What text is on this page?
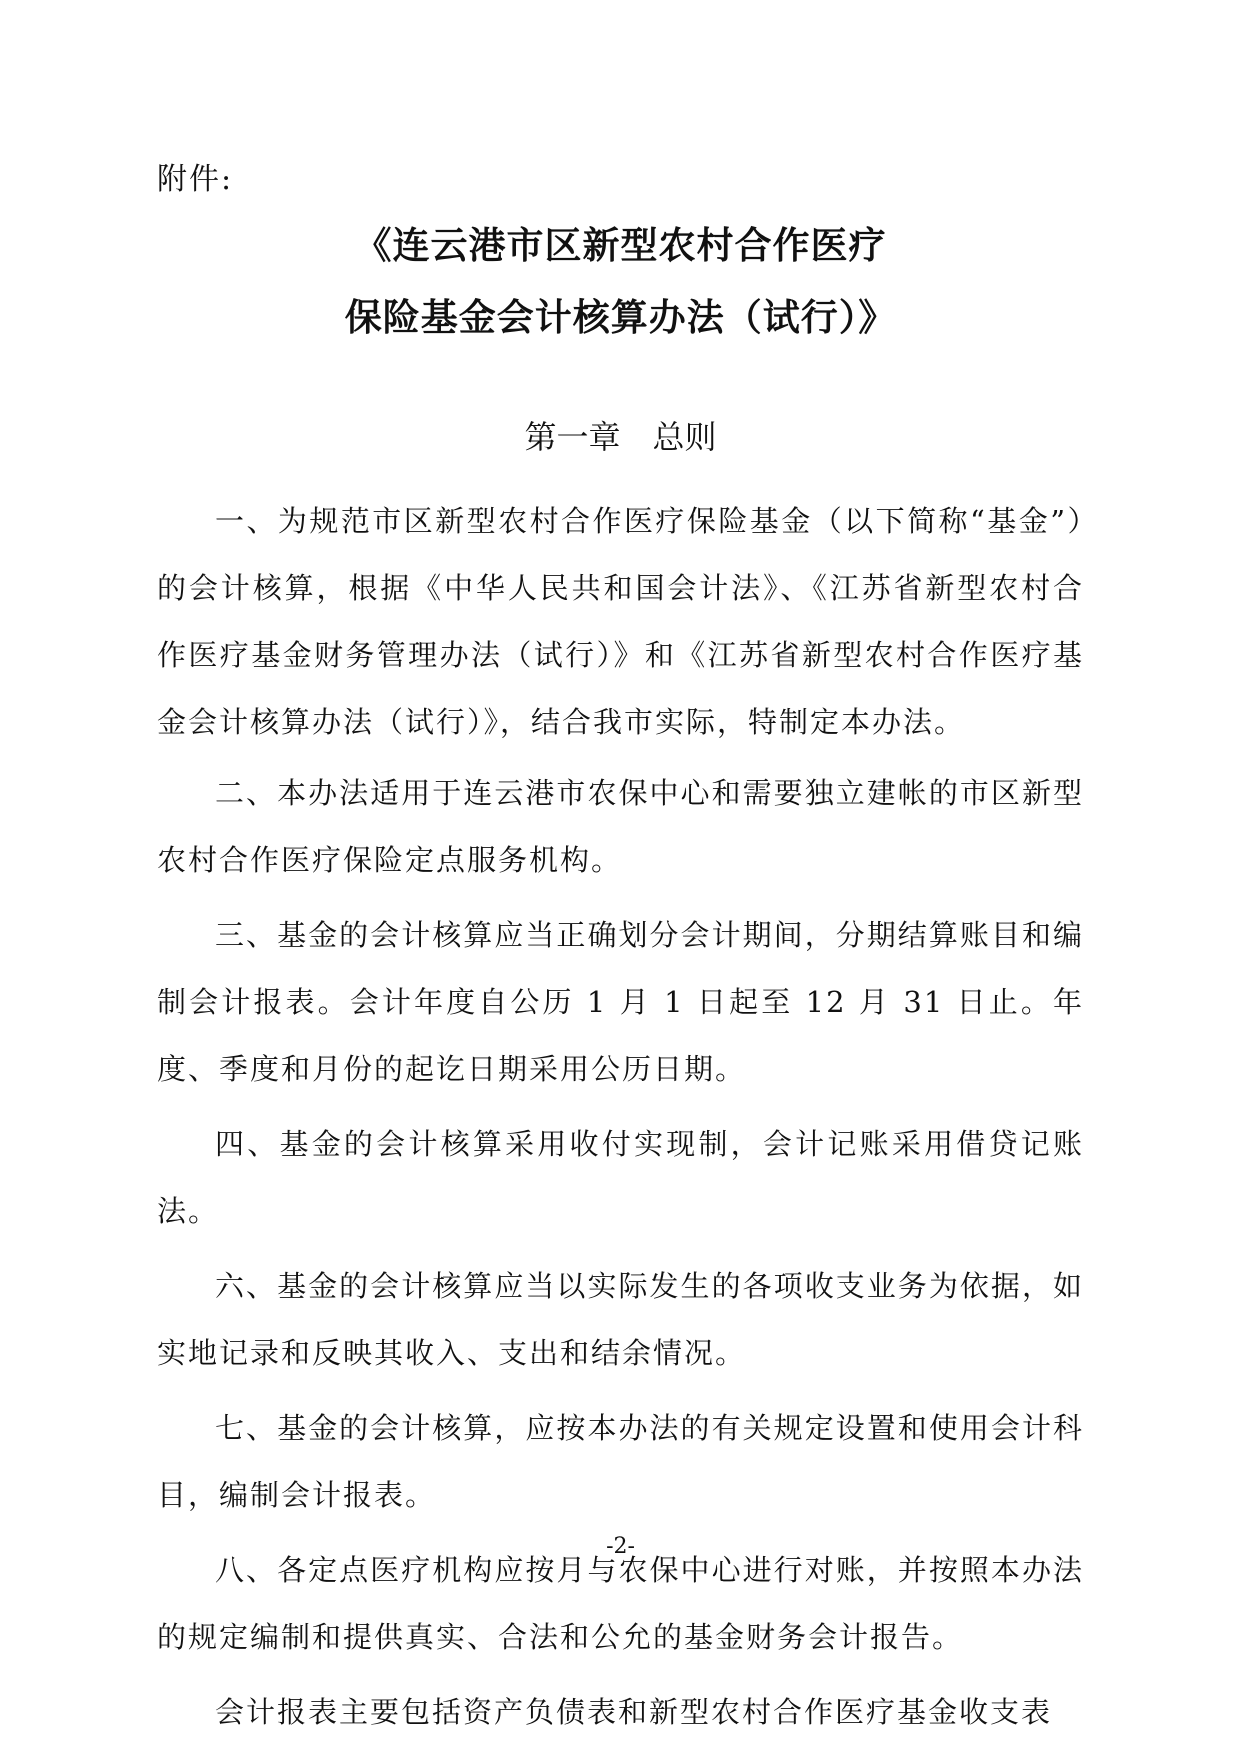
附件:
《连云港市区新型农村合作医疗
保险基金会计核算办法（试行）》
第一章　总则

一、为规范市区新型农村合作医疗保险基金（以下简称“基金”）的会计核算，根据《中华人民共和国会计法》、《江苏省新型农村合作医疗基金财务管理办法（试行）》和《江苏省新型农村合作医疗基金会计核算办法（试行）》，结合我市实际，特制定本办法。

二、本办法适用于连云港市农保中心和需要独立建帐的市区新型农村合作医疗保险定点服务机构。

三、基金的会计核算应当正确划分会计期间，分期结算账目和编制会计报表。会计年度自公历 1 月 1 日起至 12 月 31 日止。年度、季度和月份的起讫日期采用公历日期。

四、基金的会计核算采用收付实现制，会计记账采用借贷记账法。

六、基金的会计核算应当以实际发生的各项收支业务为依据，如实地记录和反映其收入、支出和结余情况。

七、基金的会计核算，应按本办法的有关规定设置和使用会计科目，编制会计报表。

八、各定点医疗机构应按月与农保中心进行对账，并按照本办法的规定编制和提供真实、合法和公允的基金财务会计报告。

会计报表主要包括资产负债表和新型农村合作医疗基金收支表

-2-
